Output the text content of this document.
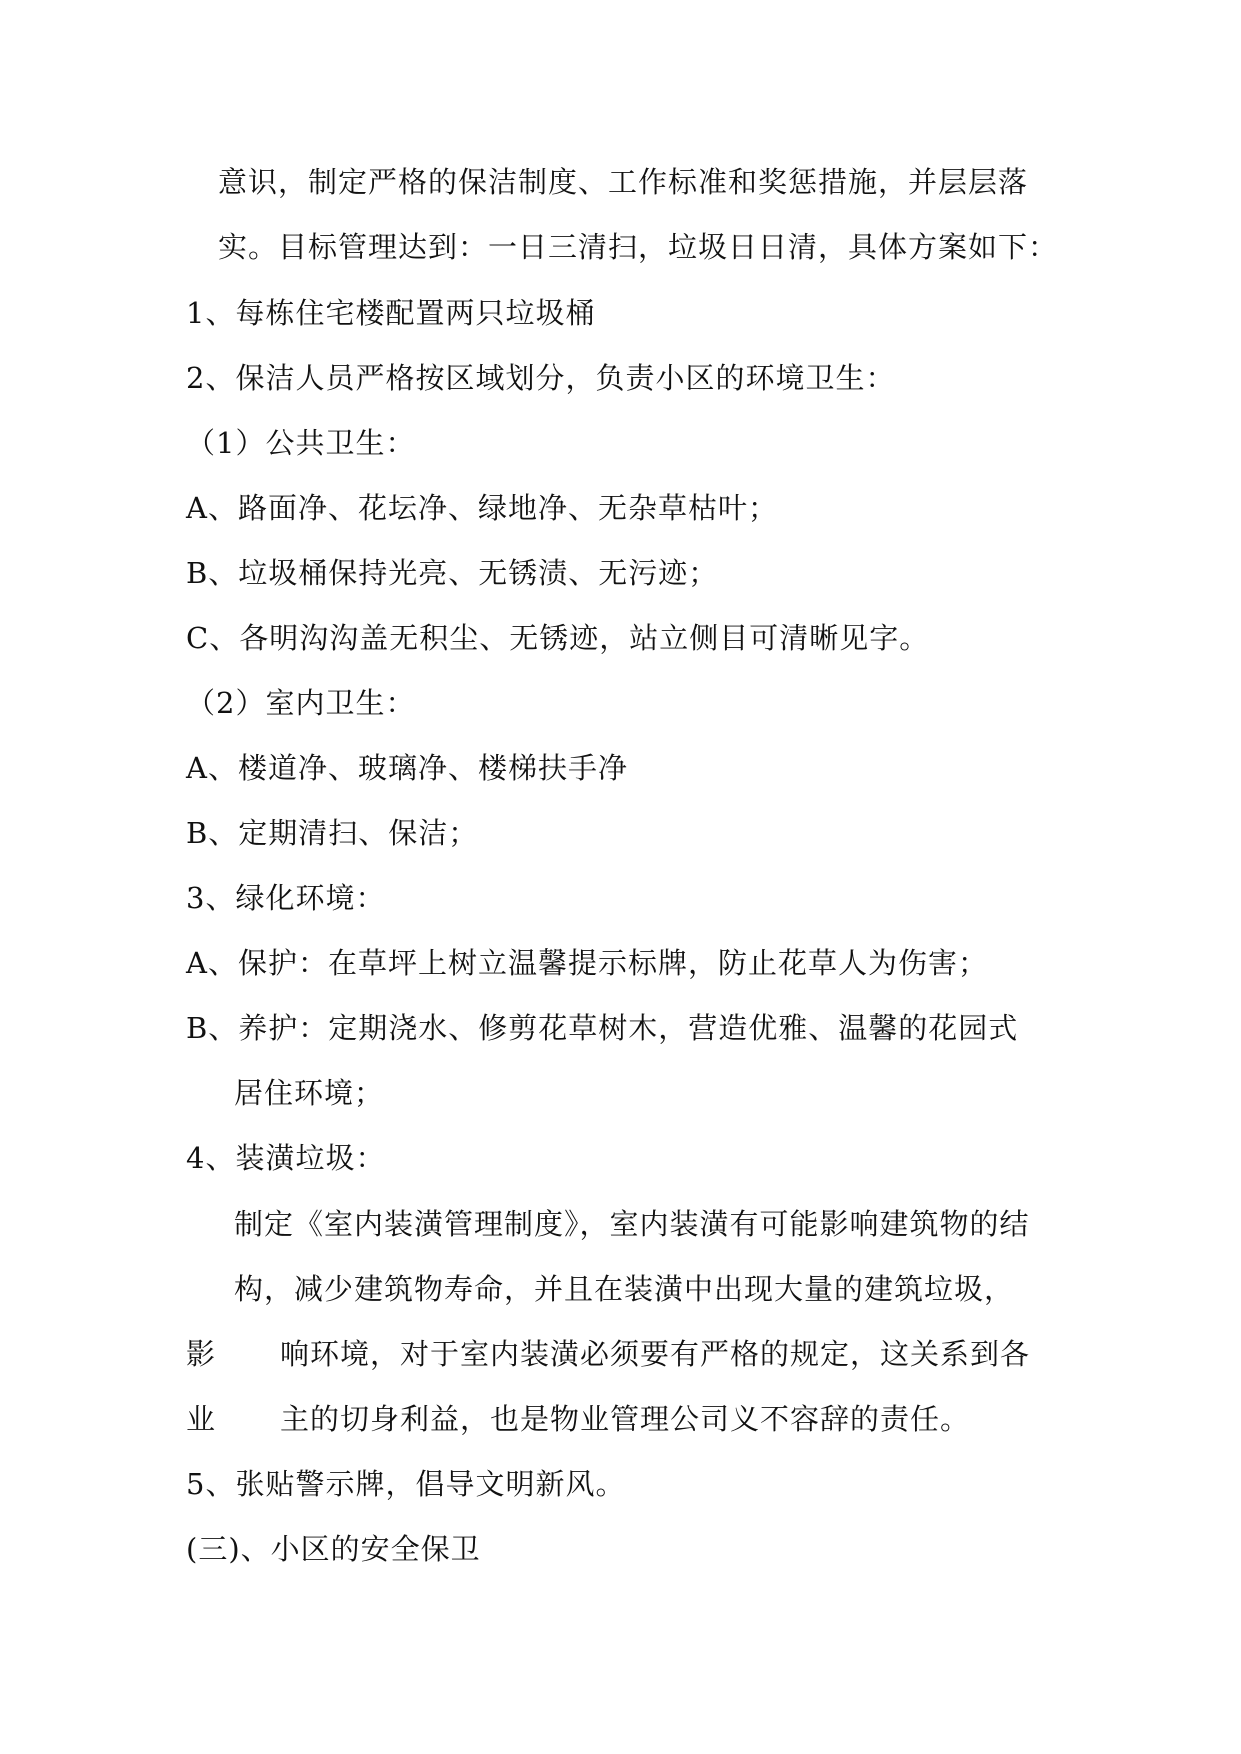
意识，制定严格的保洁制度、工作标准和奖惩措施，并层层落
实。目标管理达到：一日三清扫，垃圾日日清，具体方案如下：
1、每栋住宅楼配置两只垃圾桶
2、保洁人员严格按区域划分，负责小区的环境卫生：
（1）公共卫生：
A、路面净、花坛净、绿地净、无杂草枯叶；
B、垃圾桶保持光亮、无锈渍、无污迹；
C、各明沟沟盖无积尘、无锈迹，站立侧目可清晰见字。
（2）室内卫生：
A、楼道净、玻璃净、楼梯扶手净
B、定期清扫、保洁；
3、绿化环境：
A、保护：在草坪上树立温馨提示标牌，防止花草人为伤害；
B、养护：定期浇水、修剪花草树木，营造优雅、温馨的花园式
居住环境；
4、装潢垃圾：
制定《室内装潢管理制度》，室内装潢有可能影响建筑物的结
构，减少建筑物寿命，并且在装潢中出现大量的建筑垃圾，
影 响环境，对于室内装潢必须要有严格的规定，这关系到各
业 主的切身利益，也是物业管理公司义不容辞的责任。
5、张贴警示牌，倡导文明新风。
(三)、小区的安全保卫
